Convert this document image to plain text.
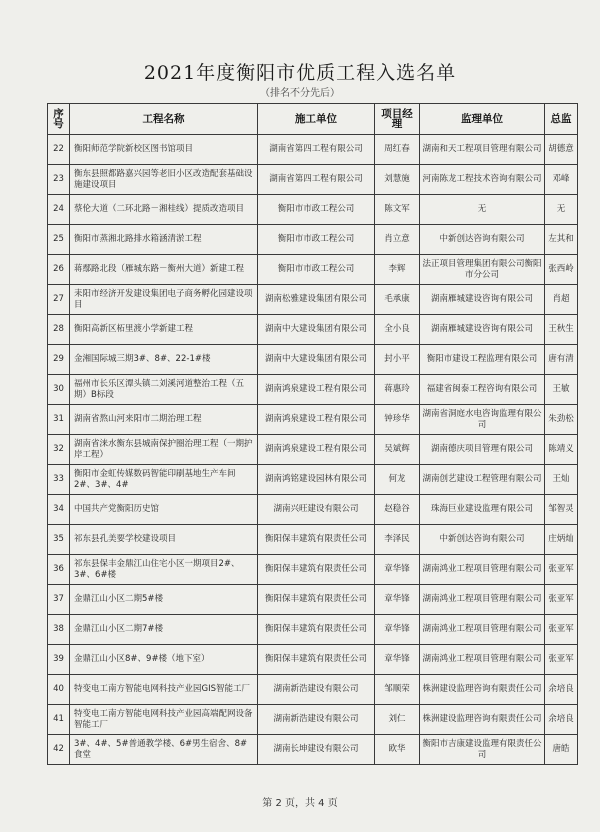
2021年度衡阳市优质工程入选名单
（排名不分先后）
序号	工程名称	施工单位	项目经理	监理单位	总监
22	衡阳师范学院新校区图书馆项目	湖南省第四工程有限公司	周红春	湖南和天工程项目管理有限公司	胡德意
23	衡东县照都路嘉兴园等老旧小区改造配套基础设施建设项目	湖南省第四工程有限公司	刘慧施	河南陈龙工程技术咨询有限公司	邓峰
24	蔡伦大道（二环北路－湘桂线）提质改造项目	衡阳市市政工程公司	陈文军	无	无
25	衡阳市蒸湘北路排水箱涵清淤工程	衡阳市市政工程公司	肖立意	中新创达咨询有限公司	左其和
26	蒋鄢路北段（雁城东路－衡州大道）新建工程	衡阳市市政工程公司	李辉	法正项目管理集团有限公司衡阳市分公司	张西岭
27	耒阳市经济开发建设集团电子商务孵化园建设项目	湖南松雅建设集团有限公司	毛承康	湖南雁城建设咨询有限公司	肖超
28	衡阳高新区柘里渡小学新建工程	湖南中大建设集团有限公司	全小良	湖南雁城建设咨询有限公司	王秋生
29	金湘国际城三期3#、8#、22-1#楼	湖南中大建设集团有限公司	封小平	衡阳市建设工程监理有限公司	唐有清
30	福州市长乐区潭头镇二刘溪河道整治工程（五期）B标段	湖南鸿泉建设工程有限公司	蒋惠玲	福建省闽泰工程咨询有限公司	王敏
31	湖南省熬山河来阳市二期治理工程	湖南鸿泉建设工程有限公司	钟珍华	湖南省洞庭水电咨询监理有限公司	朱劲松
32	湖南省涞水衡东县城南保护圈治理工程（一期护岸工程）	湖南鸿泉建设工程有限公司	吴斌辉	湖南德庆项目管理有限公司	陈靖义
33	衡阳市金虹传媒数码智能印刷基地生产车间2#、3#、4#	湖南鸿铭建设园林有限公司	何龙	湖南创艺建设工程管理有限公司	王灿
34	中国共产党衡阳历史馆	湖南兴旺建设有限公司	赵稳谷	珠海巨业建设监理有限公司	邹智灵
35	祁东县孔美要学校建设项目	衡阳保丰建筑有限责任公司	李泽民	中新创达咨询有限公司	庄炳灿
36	祁东县保丰金鼎江山住宅小区一期项目2#、3#、6#楼	衡阳保丰建筑有限责任公司	章华锋	湖南鸿业工程项目管理有限公司	张亚军
37	金鼎江山小区二期5#楼	衡阳保丰建筑有限责任公司	章华锋	湖南鸿业工程项目管理有限公司	张亚军
38	金鼎江山小区二期7#楼	衡阳保丰建筑有限责任公司	章华锋	湖南鸿业工程项目管理有限公司	张亚军
39	金鼎江山小区8#、9#楼（地下室）	衡阳保丰建筑有限责任公司	章华锋	湖南鸿业工程项目管理有限公司	张亚军
40	特变电工南方智能电网科技产业园GIS智能工厂	湖南新浩建设有限公司	邹顺荣	株洲建设监理咨询有限责任公司	余培良
41	特变电工南方智能电网科技产业园高端配网设备智能工厂	湖南新浩建设有限公司	刘仁	株洲建设监理咨询有限责任公司	余培良
42	3#、4#、5#普通教学楼、6#男生宿舍、8#食堂	湖南长坤建设有限公司	欧华	衡阳市吉康建设监理有限责任公司	唐皓
第 2 页，共 4 页
